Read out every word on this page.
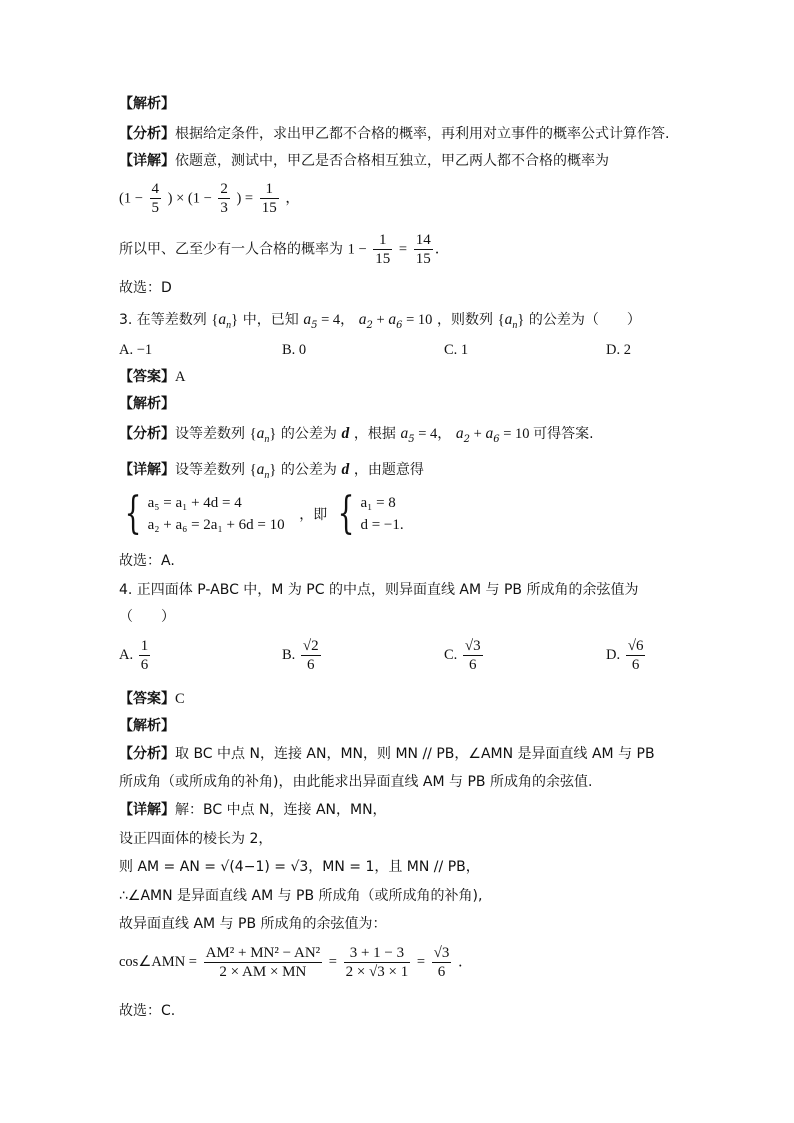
【解析】
【分析】根据给定条件，求出甲乙都不合格的概率，再利用对立事件的概率公式计算作答.
【详解】依题意，测试中，甲乙是否合格相互独立，甲乙两人都不合格的概率为
($1 - \frac{4}{5}$ ) × ($1 - \frac{2}{3}$ ) = $\frac{1}{15}$ ，
所以甲、乙至少有一人合格的概率为 $1 - \frac{1}{15} = \frac{14}{15}$ .
故选：D
3. 在等差数列 $\{a_n\}$ 中，已知 $a_5 = 4$， $a_2 + a_6 = 10$ ，则数列 $\{a_n\}$ 的公差为（　　）
A. −1	B. 0	C. 1	D. 2
【答案】A
【解析】
【分析】设等差数列 $\{a_n\}$ 的公差为 d ，根据 $a_5 = 4$， $a_2 + a_6 = 10$ 可得答案.
【详解】设等差数列 $\{a_n\}$ 的公差为 d ，由题意得
{ a₅ = a₁ + 4d = 4
a₂ + a₆ = 2a₁ + 6d = 10
，即 { a₁ = 8
d = −1.
故选：A.
4. 正四面体 P-ABC 中，M 为 PC 的中点，则异面直线 AM 与 PB 所成角的余弦值为
（　　）
A. $\frac{1}{6}$	B. $\frac{√2}{6}$	C. $\frac{√3}{6}$	D. $\frac{√6}{6}$
【答案】C
【解析】
【分析】取 BC 中点 N，连接 AN，MN，则 MN // PB，∠AMN 是异面直线 AM 与 PB
所成角（或所成角的补角)，由此能求出异面直线 AM 与 PB 所成角的余弦值.
【详解】解：BC 中点 N，连接 AN，MN，
设正四面体的棱长为 2，
则 AM = AN = √(4−1) = √3，MN = 1，且 MN // PB，
∴∠AMN 是异面直线 AM 与 PB 所成角（或所成角的补角),
故异面直线 AM 与 PB 所成角的余弦值为：
cos∠AMN = $\frac{\text{AM² + MN² − AN²}}{2 \times AM \times MN} = \frac{3 + 1 - 3}{2 \times √3 \times 1} = \frac{√3}{6}$ .
故选：C.
